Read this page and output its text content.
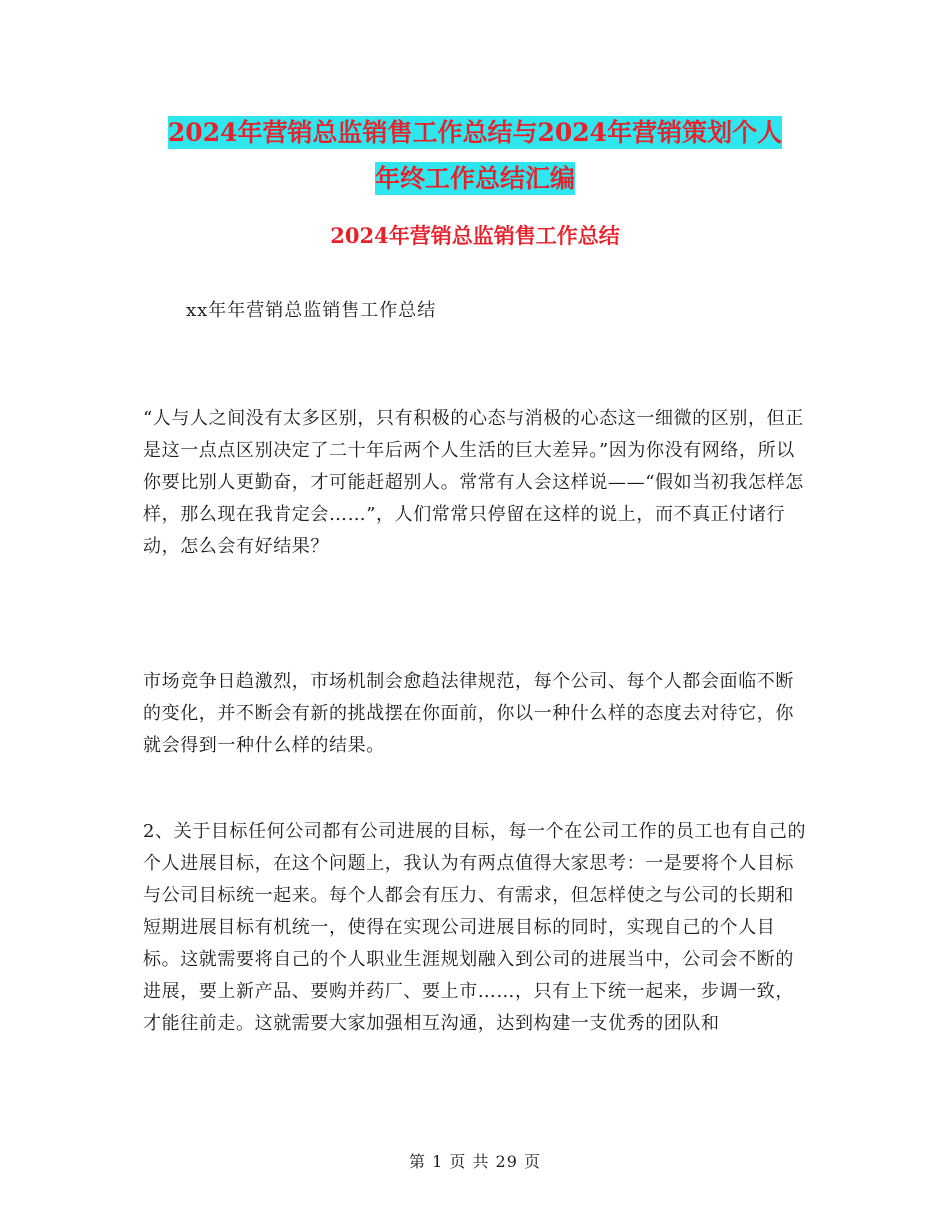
2024年营销总监销售工作总结与2024年营销策划个人
年终工作总结汇编
2024年营销总监销售工作总结
xx年年营销总监销售工作总结

“人与人之间没有太多区别，只有积极的心态与消极的心态这一细微的区别，但正是这一点点区别决定了二十年后两个人生活的巨大差异。”因为你没有网络，所以你要比别人更勤奋，才可能赶超别人。常常有人会这样说——“假如当初我怎样怎样，那么现在我肯定会……”，人们常常只停留在这样的说上，而不真正付诸行动，怎么会有好结果？

市场竞争日趋激烈，市场机制会愈趋法律规范，每个公司、每个人都会面临不断的变化，并不断会有新的挑战摆在你面前，你以一种什么样的态度去对待它，你就会得到一种什么样的结果。

2、关于目标任何公司都有公司进展的目标，每一个在公司工作的员工也有自己的个人进展目标，在这个问题上，我认为有两点值得大家思考：一是要将个人目标与公司目标统一起来。每个人都会有压力、有需求，但怎样使之与公司的长期和短期进展目标有机统一，使得在实现公司进展目标的同时，实现自己的个人目标。这就需要将自己的个人职业生涯规划融入到公司的进展当中，公司会不断的进展，要上新产品、要购并药厂、要上市……，只有上下统一起来，步调一致，才能往前走。这就需要大家加强相互沟通，达到构建一支优秀的团队和

第 1 页 共 29 页
